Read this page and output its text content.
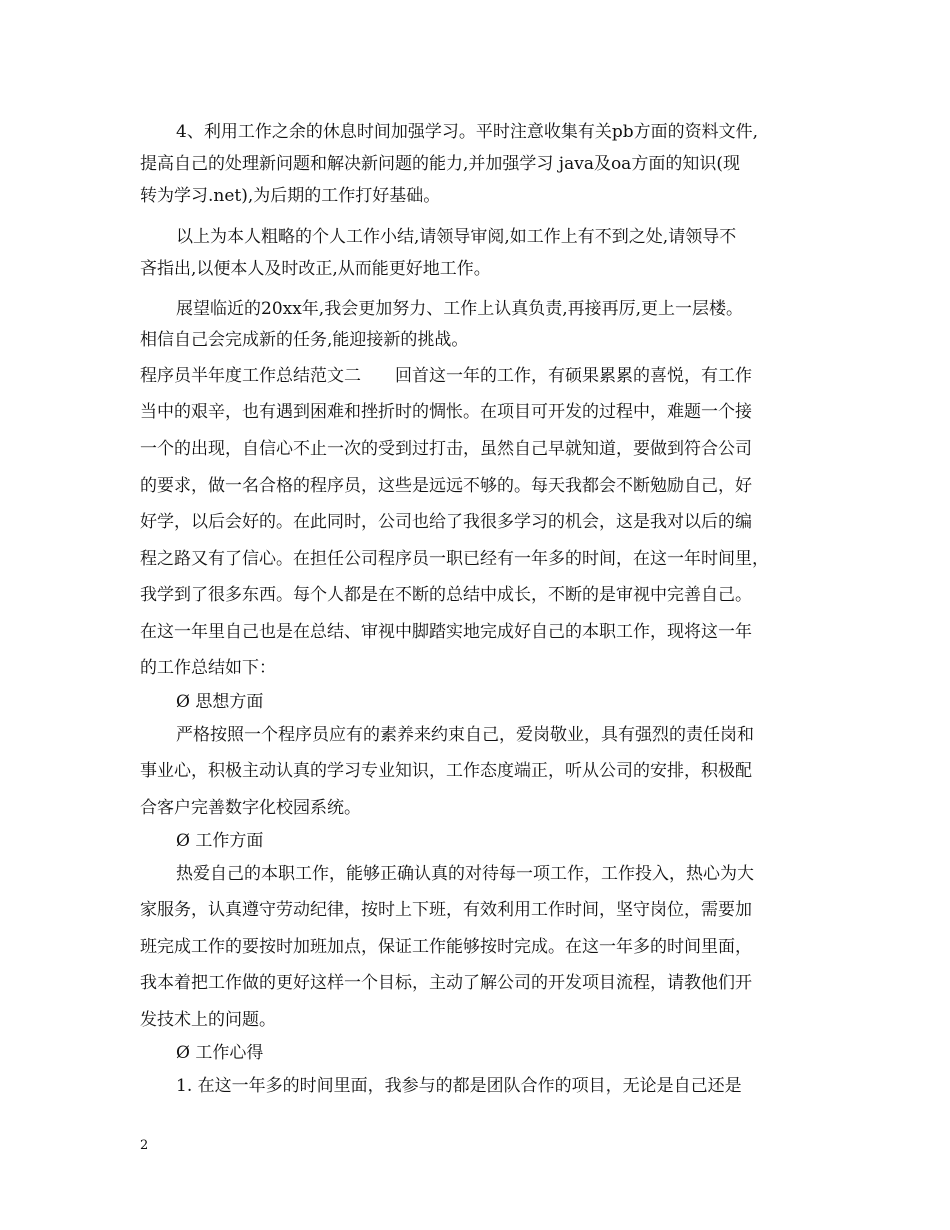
4、利用工作之余的休息时间加强学习。平时注意收集有关pb方面的资料文件,
提高自己的处理新问题和解决新问题的能力,并加强学习 java及oa方面的知识(现
转为学习.net),为后期的工作打好基础。
以上为本人粗略的个人工作小结,请领导审阅,如工作上有不到之处,请领导不
吝指出,以便本人及时改正,从而能更好地工作。
展望临近的20xx年,我会更加努力、工作上认真负责,再接再厉,更上一层楼。
相信自己会完成新的任务,能迎接新的挑战。
程序员半年度工作总结范文二　　回首这一年的工作，有硕果累累的喜悦，有工作
当中的艰辛，也有遇到困难和挫折时的惆怅。在项目可开发的过程中，难题一个接
一个的出现，自信心不止一次的受到过打击，虽然自己早就知道，要做到符合公司
的要求，做一名合格的程序员，这些是远远不够的。每天我都会不断勉励自己，好
好学，以后会好的。在此同时，公司也给了我很多学习的机会，这是我对以后的编
程之路又有了信心。在担任公司程序员一职已经有一年多的时间，在这一年时间里，
我学到了很多东西。每个人都是在不断的总结中成长，不断的是审视中完善自己。
在这一年里自己也是在总结、审视中脚踏实地完成好自己的本职工作，现将这一年
的工作总结如下：
Ø 思想方面
严格按照一个程序员应有的素养来约束自己，爱岗敬业，具有强烈的责任岗和
事业心，积极主动认真的学习专业知识，工作态度端正，听从公司的安排，积极配
合客户完善数字化校园系统。
Ø 工作方面
热爱自己的本职工作，能够正确认真的对待每一项工作，工作投入，热心为大
家服务，认真遵守劳动纪律，按时上下班，有效利用工作时间，坚守岗位，需要加
班完成工作的要按时加班加点，保证工作能够按时完成。在这一年多的时间里面，
我本着把工作做的更好这样一个目标，主动了解公司的开发项目流程，请教他们开
发技术上的问题。
Ø 工作心得
1. 在这一年多的时间里面，我参与的都是团队合作的项目，无论是自己还是
2
